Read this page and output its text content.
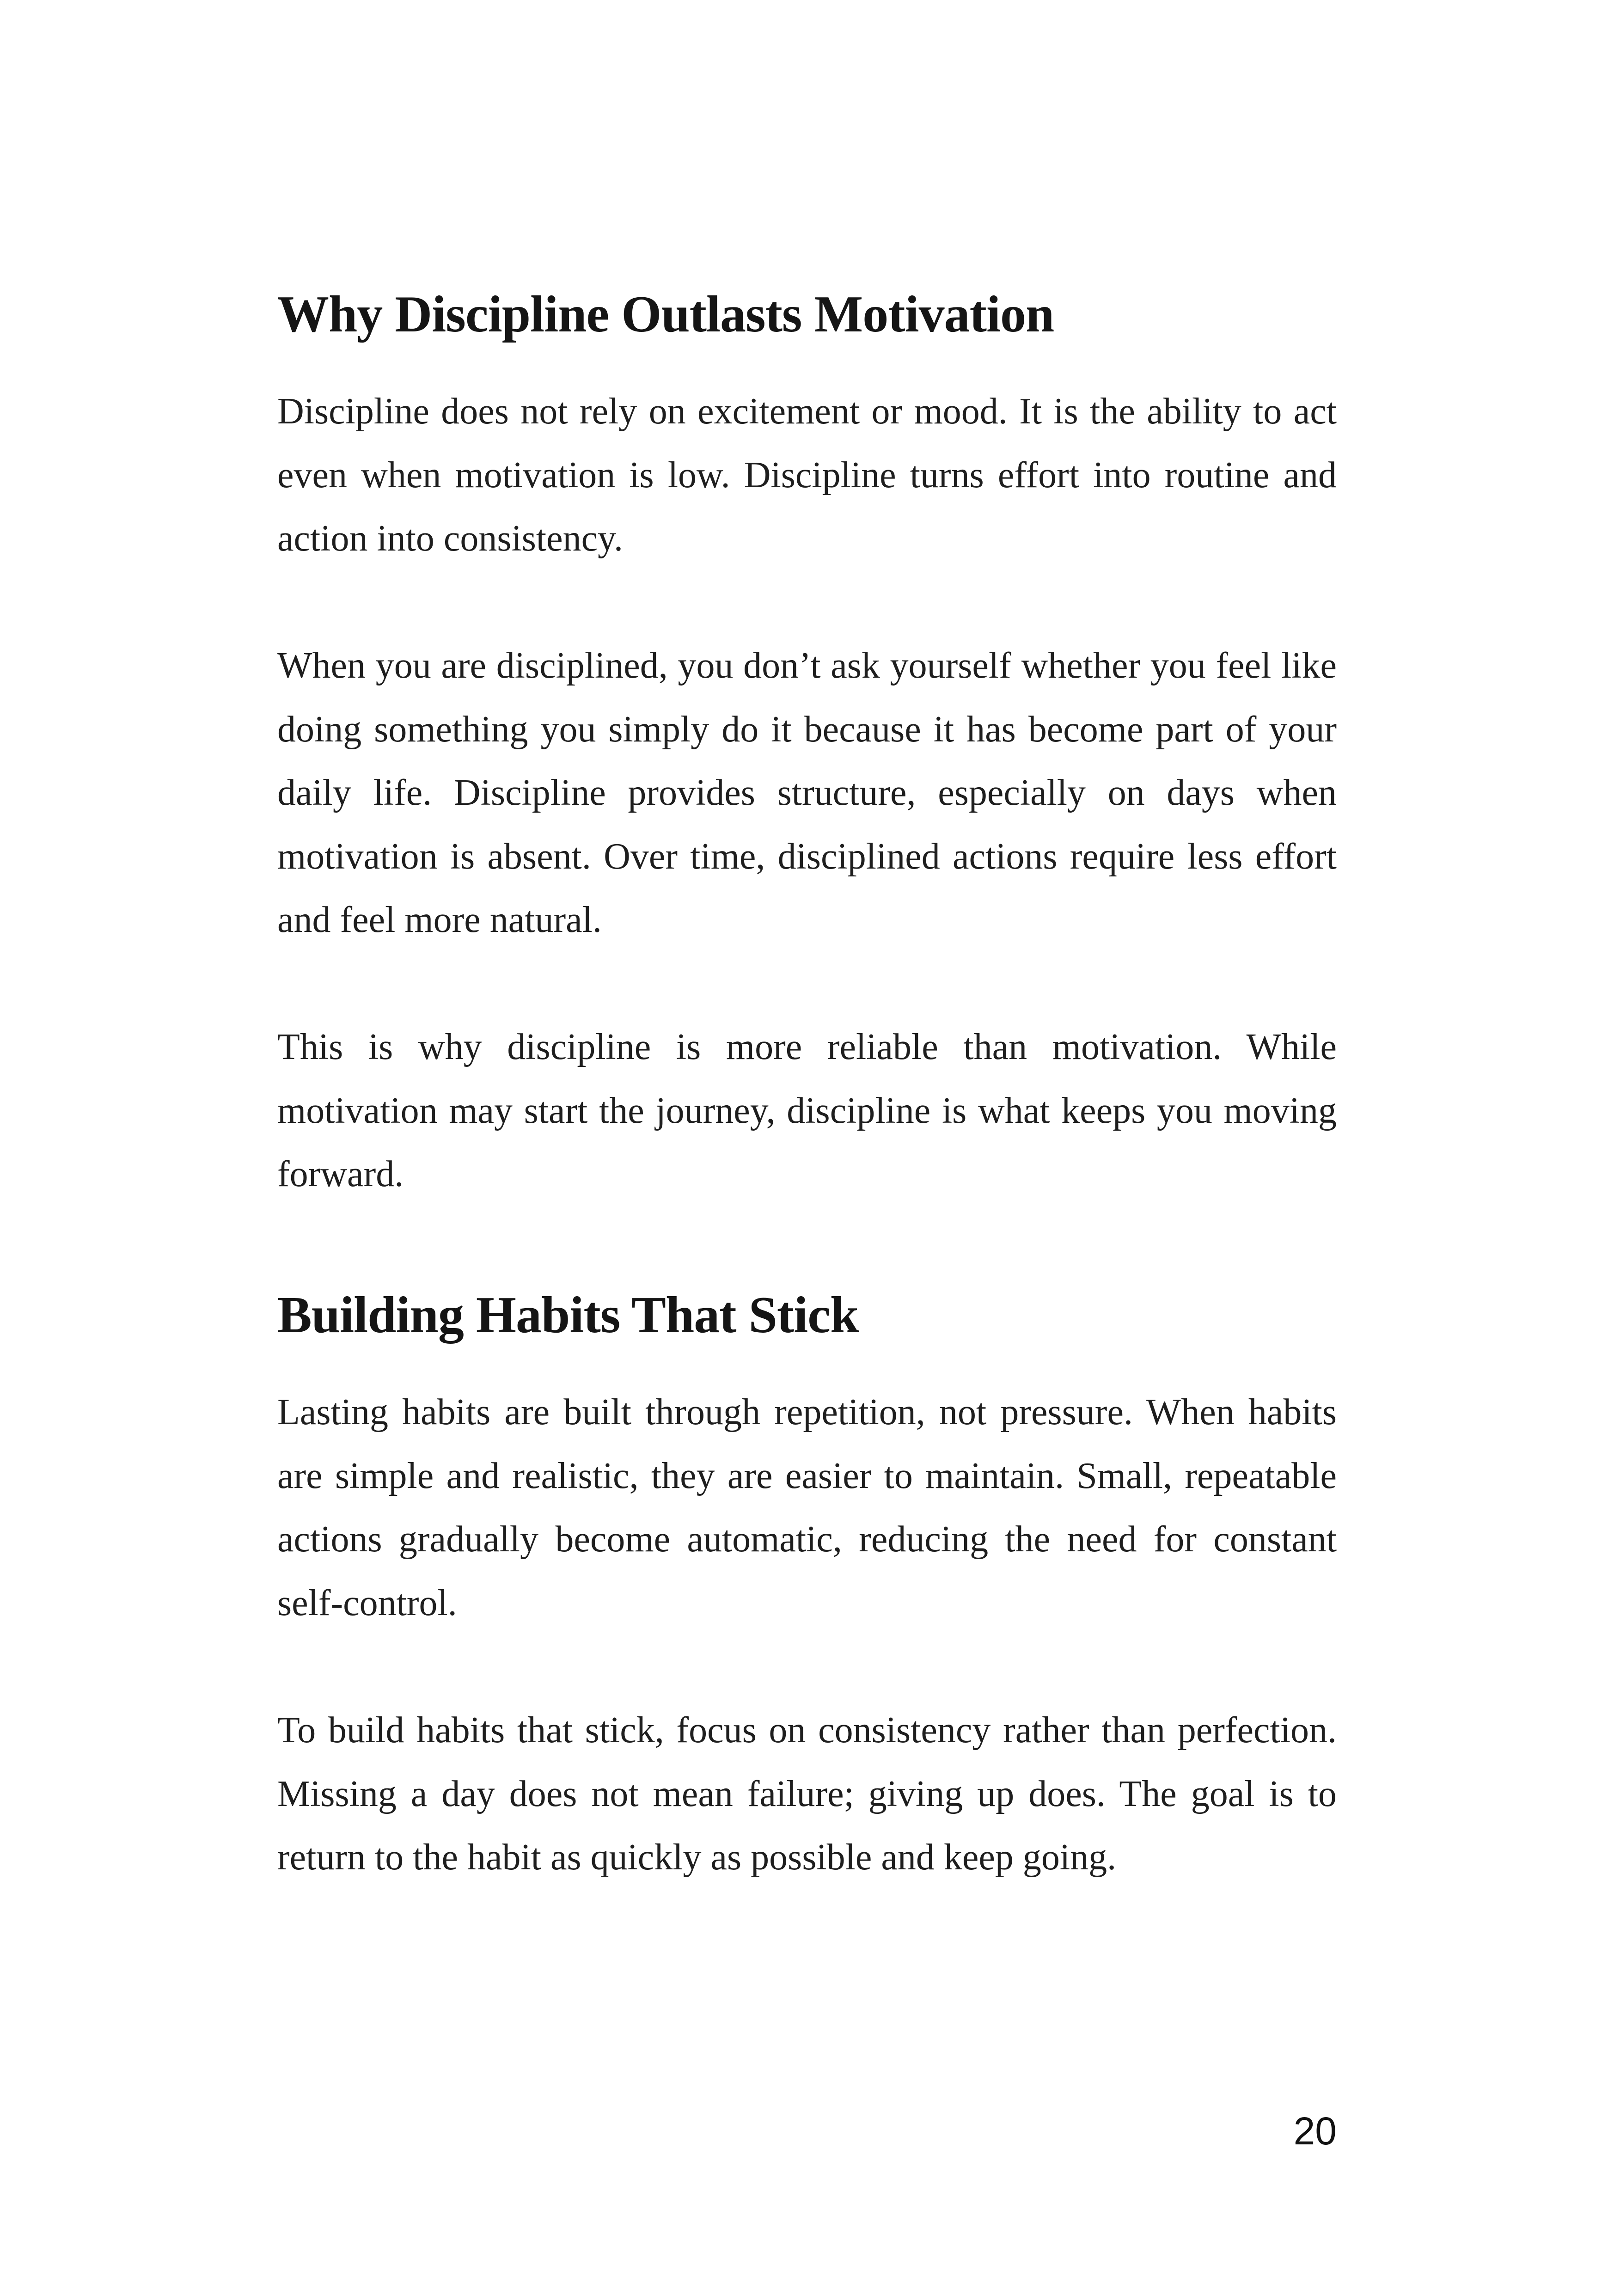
Why Discipline Outlasts Motivation

Discipline does not rely on excitement or mood. It is the ability to act even when motivation is low. Discipline turns effort into routine and action into consistency.

When you are disciplined, you don’t ask yourself whether you feel like doing something you simply do it because it has become part of your daily life. Discipline provides structure, especially on days when motivation is absent. Over time, disciplined actions require less effort and feel more natural.

This is why discipline is more reliable than motivation. While motivation may start the journey, discipline is what keeps you moving forward.

Building Habits That Stick

Lasting habits are built through repetition, not pressure. When habits are simple and realistic, they are easier to maintain. Small, repeatable actions gradually become automatic, reducing the need for constant self-control.

To build habits that stick, focus on consistency rather than perfection. Missing a day does not mean failure; giving up does. The goal is to return to the habit as quickly as possible and keep going.

20
